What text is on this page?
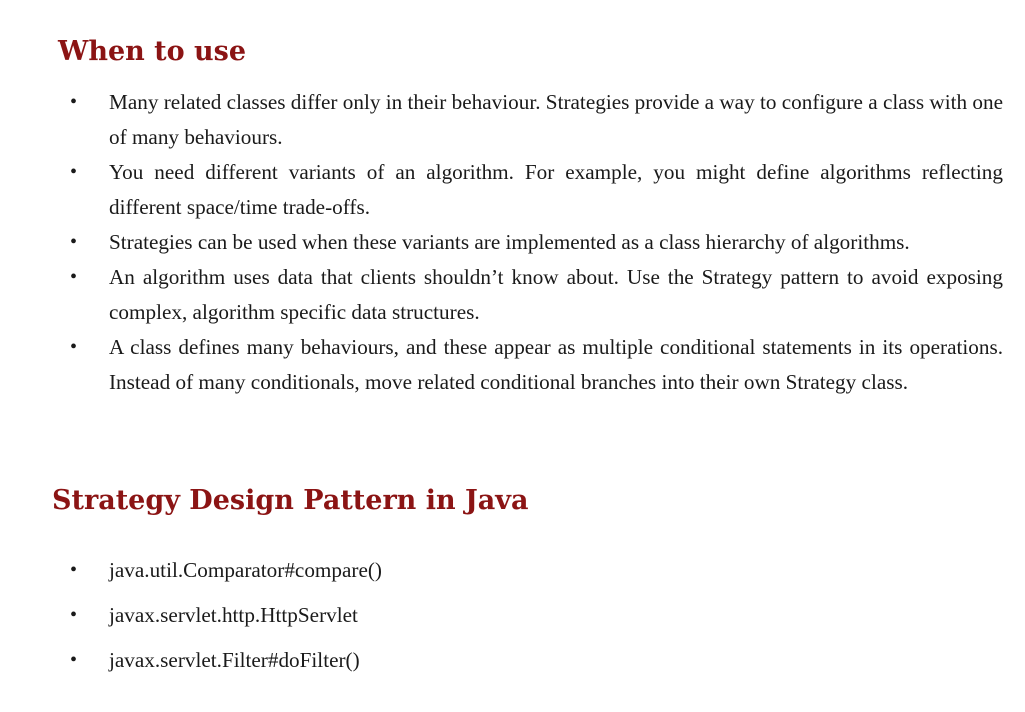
When to use
•	Many related classes differ only in their behaviour. Strategies provide a way to configure a class with one of many behaviours.
•	You need different variants of an algorithm. For example, you might define algorithms reflecting different space/time trade-offs.
•	Strategies can be used when these variants are implemented as a class hierarchy of algorithms.
•	An algorithm uses data that clients shouldn’t know about. Use the Strategy pattern to avoid exposing complex, algorithm specific data structures.
•	A class defines many behaviours, and these appear as multiple conditional statements in its operations. Instead of many conditionals, move related conditional branches into their own Strategy class.
Strategy Design Pattern in Java
•	java.util.Comparator#compare()
•	javax.servlet.http.HttpServlet
•	javax.servlet.Filter#doFilter()
